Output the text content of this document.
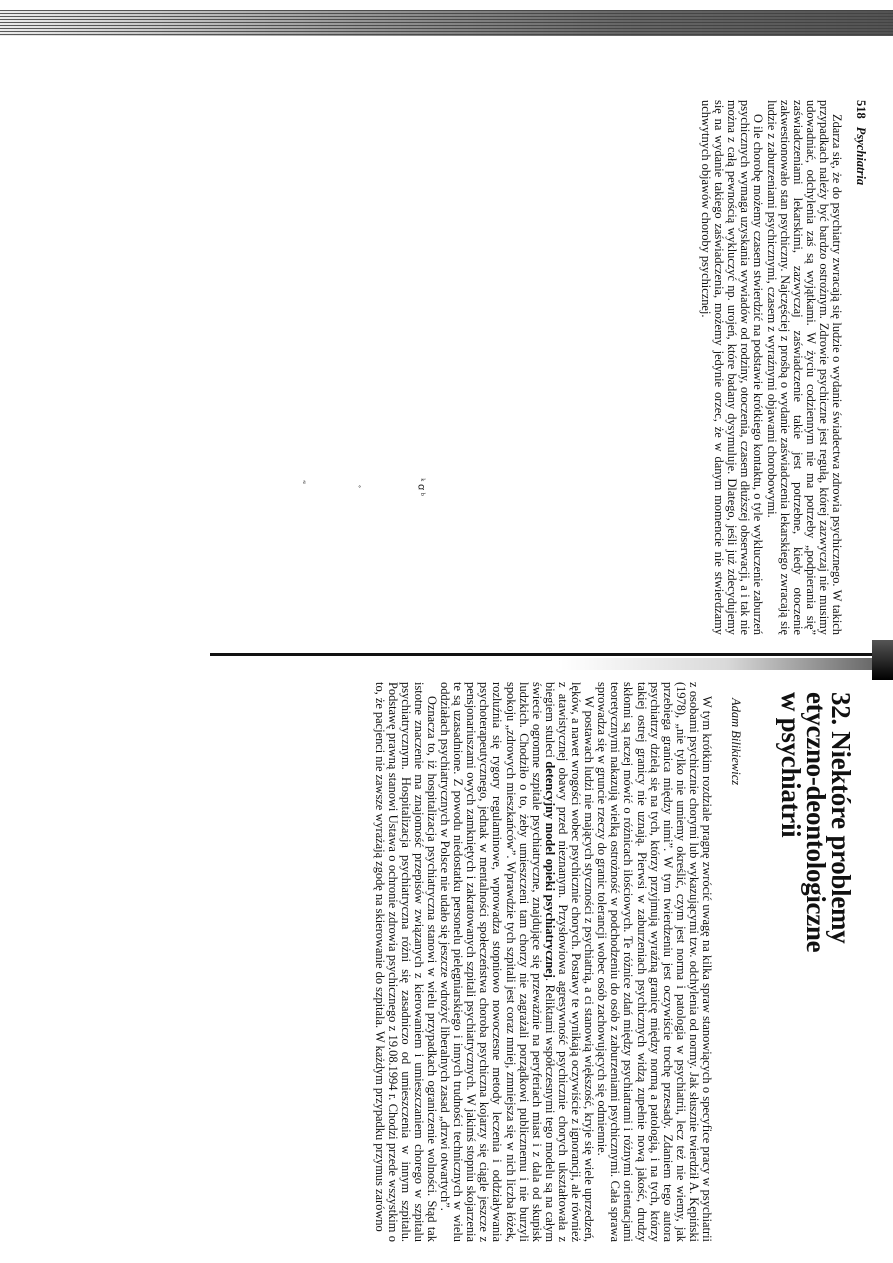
518Psychiatria

Zdarza się, że do psychiatry zwracają się ludzie o wydanie świadectwa zdrowia psychicznego. W takich przypadkach należy być bardzo ostrożnym. Zdrowie psychiczne jest regułą, której zazwyczaj nie musimy udowadniać, odchylenia zaś są wyjątkami. W życiu codziennym nie ma potrzeby „podpierania się” zaświadczeniami lekarskimi, zazwyczaj zaświadczenie takie jest potrzebne, kiedy otoczenie zakwestionowało stan psychiczny. Najczęściej z prośbą o wydanie zaświadczenia lekarskiego zwracają się ludzie z zaburzeniami psychicznymi, czasem z wyraźnymi objawami chorobowymi.

O ile chorobę możemy czasem stwierdzić na podstawie krótkiego kontaktu, o tyle wykluczenie zaburzeń psychicznych wymaga uzyskania wywiadów od rodziny, otoczenia, czasem dłuższej obserwacji, a i tak nie można z całą pewnością wykluczyć np. urojeń, które badany dysymuluje. Dlatego, jeśli już zdecydujemy się na wydanie takiego zaświadczenia, możemy jedynie orzec, że w danym momencie nie stwierdzamy uchwytnych objawów choroby psychicznej.

32. Niektóre problemy
etyczno-deontologiczne
w psychiatrii
Adam Bilikiewicz

W tym krótkim rozdziale pragnę zwrócić uwagę na kilka spraw stanowiących o specyfice pracy w psychiatrii z osobami psychicznie chorymi lub wykazującymi tzw. odchylenia od normy. Jak słusznie twierdził A. Kępiński (1978), „nie tylko nie umiemy określić, czym jest norma i patologia w psychiatrii, lecz też nie wiemy, jak przebiega granica między nimi”. W tym twierdzeniu jest oczywiście trochę przesady. Zdaniem tego autora psychiatrzy dzielą się na tych, którzy przyjmują wyraźną granicę między normą a patologią, i na tych, którzy takiej ostrej granicy nie uznają. Pierwsi w zaburzeniach psychicznych widzą zupełnie nową jakość, drudzy skłonni są raczej mówić o różnicach ilościowych. Te różnice zdań między psychiatrami i różnymi orientacjami teoretycznymi nakazują wielką ostrożność w podchodzeniu do osób z zaburzeniami psychicznymi. Cała sprawa sprowadza się w gruncie rzeczy do granic tolerancji wobec osób zachowujących się odmiennie.

W postawach ludzi nie mających styczności z psychiatrią, a ci stanowią większość, kryje się wiele uprzedzeń, lęków, a nawet wrogości wobec psychicznie chorych. Postawy te wynikają oczywiście z ignorancji, ale również z atawistycznej obawy przed nieznanym. Przysłowiowa agresywność psychicznie chorych ukształtowała z biegiem stuleci detencyjny model opieki psychiatrycznej. Reliktami współczesnymi tego modelu są na całym świecie ogromne szpitale psychiatryczne, znajdujące się przeważnie na peryferiach miast i z dala od skupisk ludzkich. Chodziło o to, żeby umieszczeni tam chorzy nie zagrażali porządkowi publicznemu i nie burzyli spokoju „zdrowych mieszkańców”. Wprawdzie tych szpitali jest coraz mniej, zmniejsza się w nich liczba łóżek, rozluźnia się rygory regulaminowe, wprowadza stopniowo nowoczesne metody leczenia i oddziaływania psychoterapeutycznego, jednak w mentalności społeczeństwa choroba psychiczna kojarzy się ciągle jeszcze z pensjonariuszami owych zamkniętych i zakratowanych szpitali psychiatrycznych. W jakimś stopniu skojarzenia te są uzasadnione. Z powodu niedostatku personelu pielęgniarskiego i innych trudności technicznych w wielu oddziałach psychiatrycznych w Polsce nie udało się jeszcze wdrożyć liberalnych zasad „drzwi otwartych”.

Oznacza to, iż hospitalizacja psychiatryczna stanowi w wielu przypadkach ograniczenie wolności. Stąd tak istotne znaczenie ma znajomość przepisów związanych z kierowaniem i umieszczaniem chorego w szpitalu psychiatrycznym. Hospitalizacja psychiatryczna różni się zasadniczo od umieszczenia w innym szpitalu. Podstawę prawną stanowi Ustawa o ochronie zdrowia psychicznego z 19.08.1994 r. Chodzi przede wszystkim o to, że pacjenci nie zawsze wyrażają zgodę na skierowanie do szpitala. W każdym przypadku przymus zarówno

ᵃ
˚	ᵏ ꭤ ᵇ
